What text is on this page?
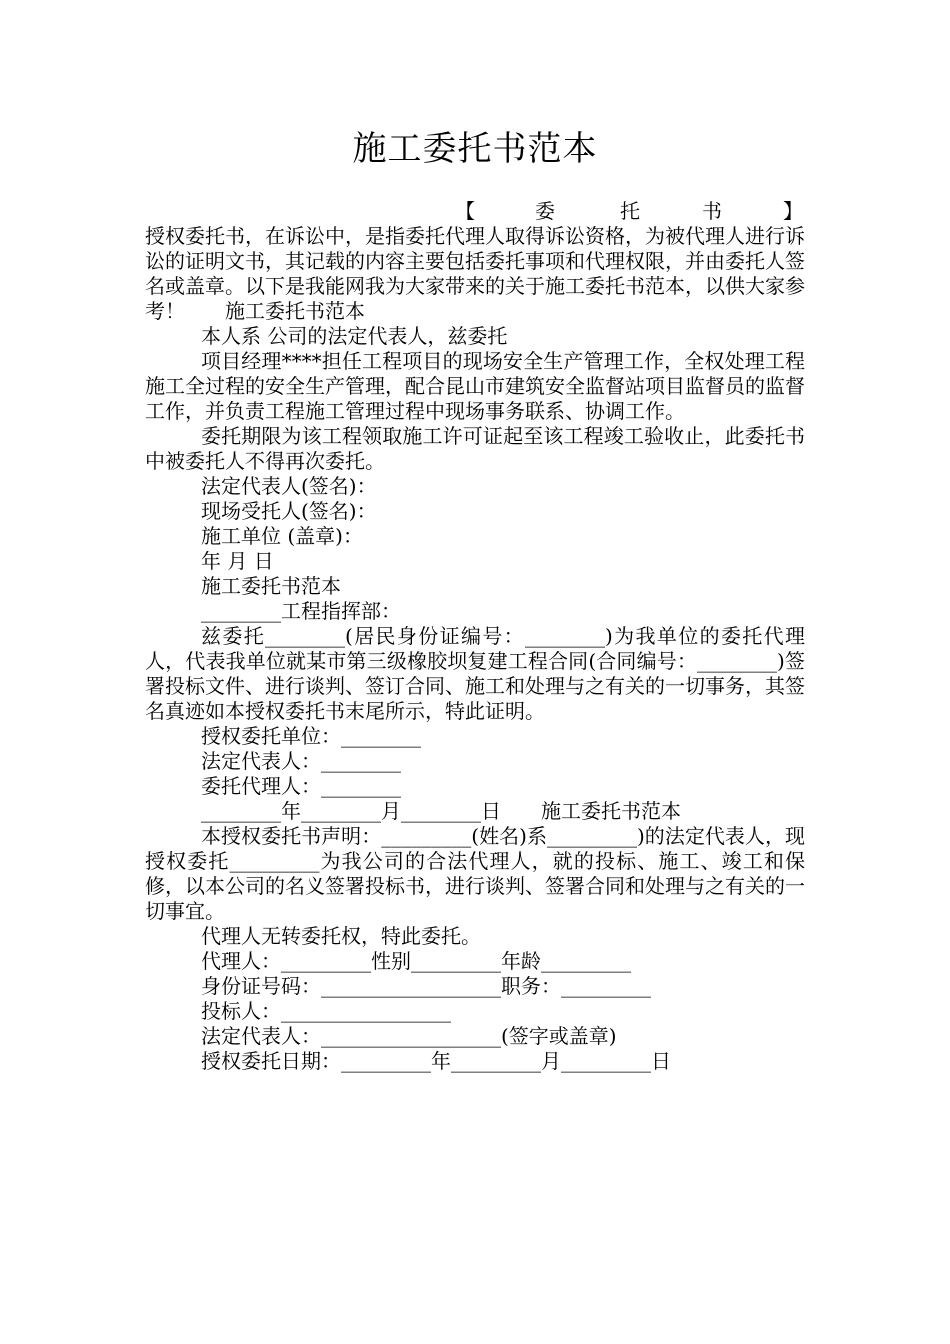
施工委托书范本
【	委	托	书	】

授权委托书，在诉讼中，是指委托代理人取得诉讼资格，为被代理人进行诉讼的证明文书，其记载的内容主要包括委托事项和代理权限，并由委托人签名或盖章。以下是我能网我为大家带来的关于施工委托书范本，以供大家参考！　　施工委托书范本

本人系 公司的法定代表人，兹委托

项目经理****担任工程项目的现场安全生产管理工作，全权处理工程施工全过程的安全生产管理，配合昆山市建筑安全监督站项目监督员的监督工作，并负责工程施工管理过程中现场事务联系、协调工作。

委托期限为该工程领取施工许可证起至该工程竣工验收止，此委托书中被委托人不得再次委托。

法定代表人(签名)：

现场受托人(签名)：

施工单位 (盖章)：

年 月 日

施工委托书范本

________工程指挥部：

兹委托________(居民身份证编号：________)为我单位的委托代理人，代表我单位就某市第三级橡胶坝复建工程合同(合同编号：________)签署投标文件、进行谈判、签订合同、施工和处理与之有关的一切事务，其签名真迹如本授权委托书末尾所示，特此证明。

授权委托单位：________

法定代表人：________

委托代理人：________

________年________月________日　　施工委托书范本

本授权委托书声明：_________(姓名)系_________)的法定代表人，现授权委托_________为我公司的合法代理人，就的投标、施工、竣工和保修，以本公司的名义签署投标书，进行谈判、签署合同和处理与之有关的一切事宜。

代理人无转委托权，特此委托。

代理人：_________性别_________年龄_________

身份证号码：__________________职务：_________

投标人：_________________

法定代表人：__________________(签字或盖章)

授权委托日期：_________年_________月_________日
